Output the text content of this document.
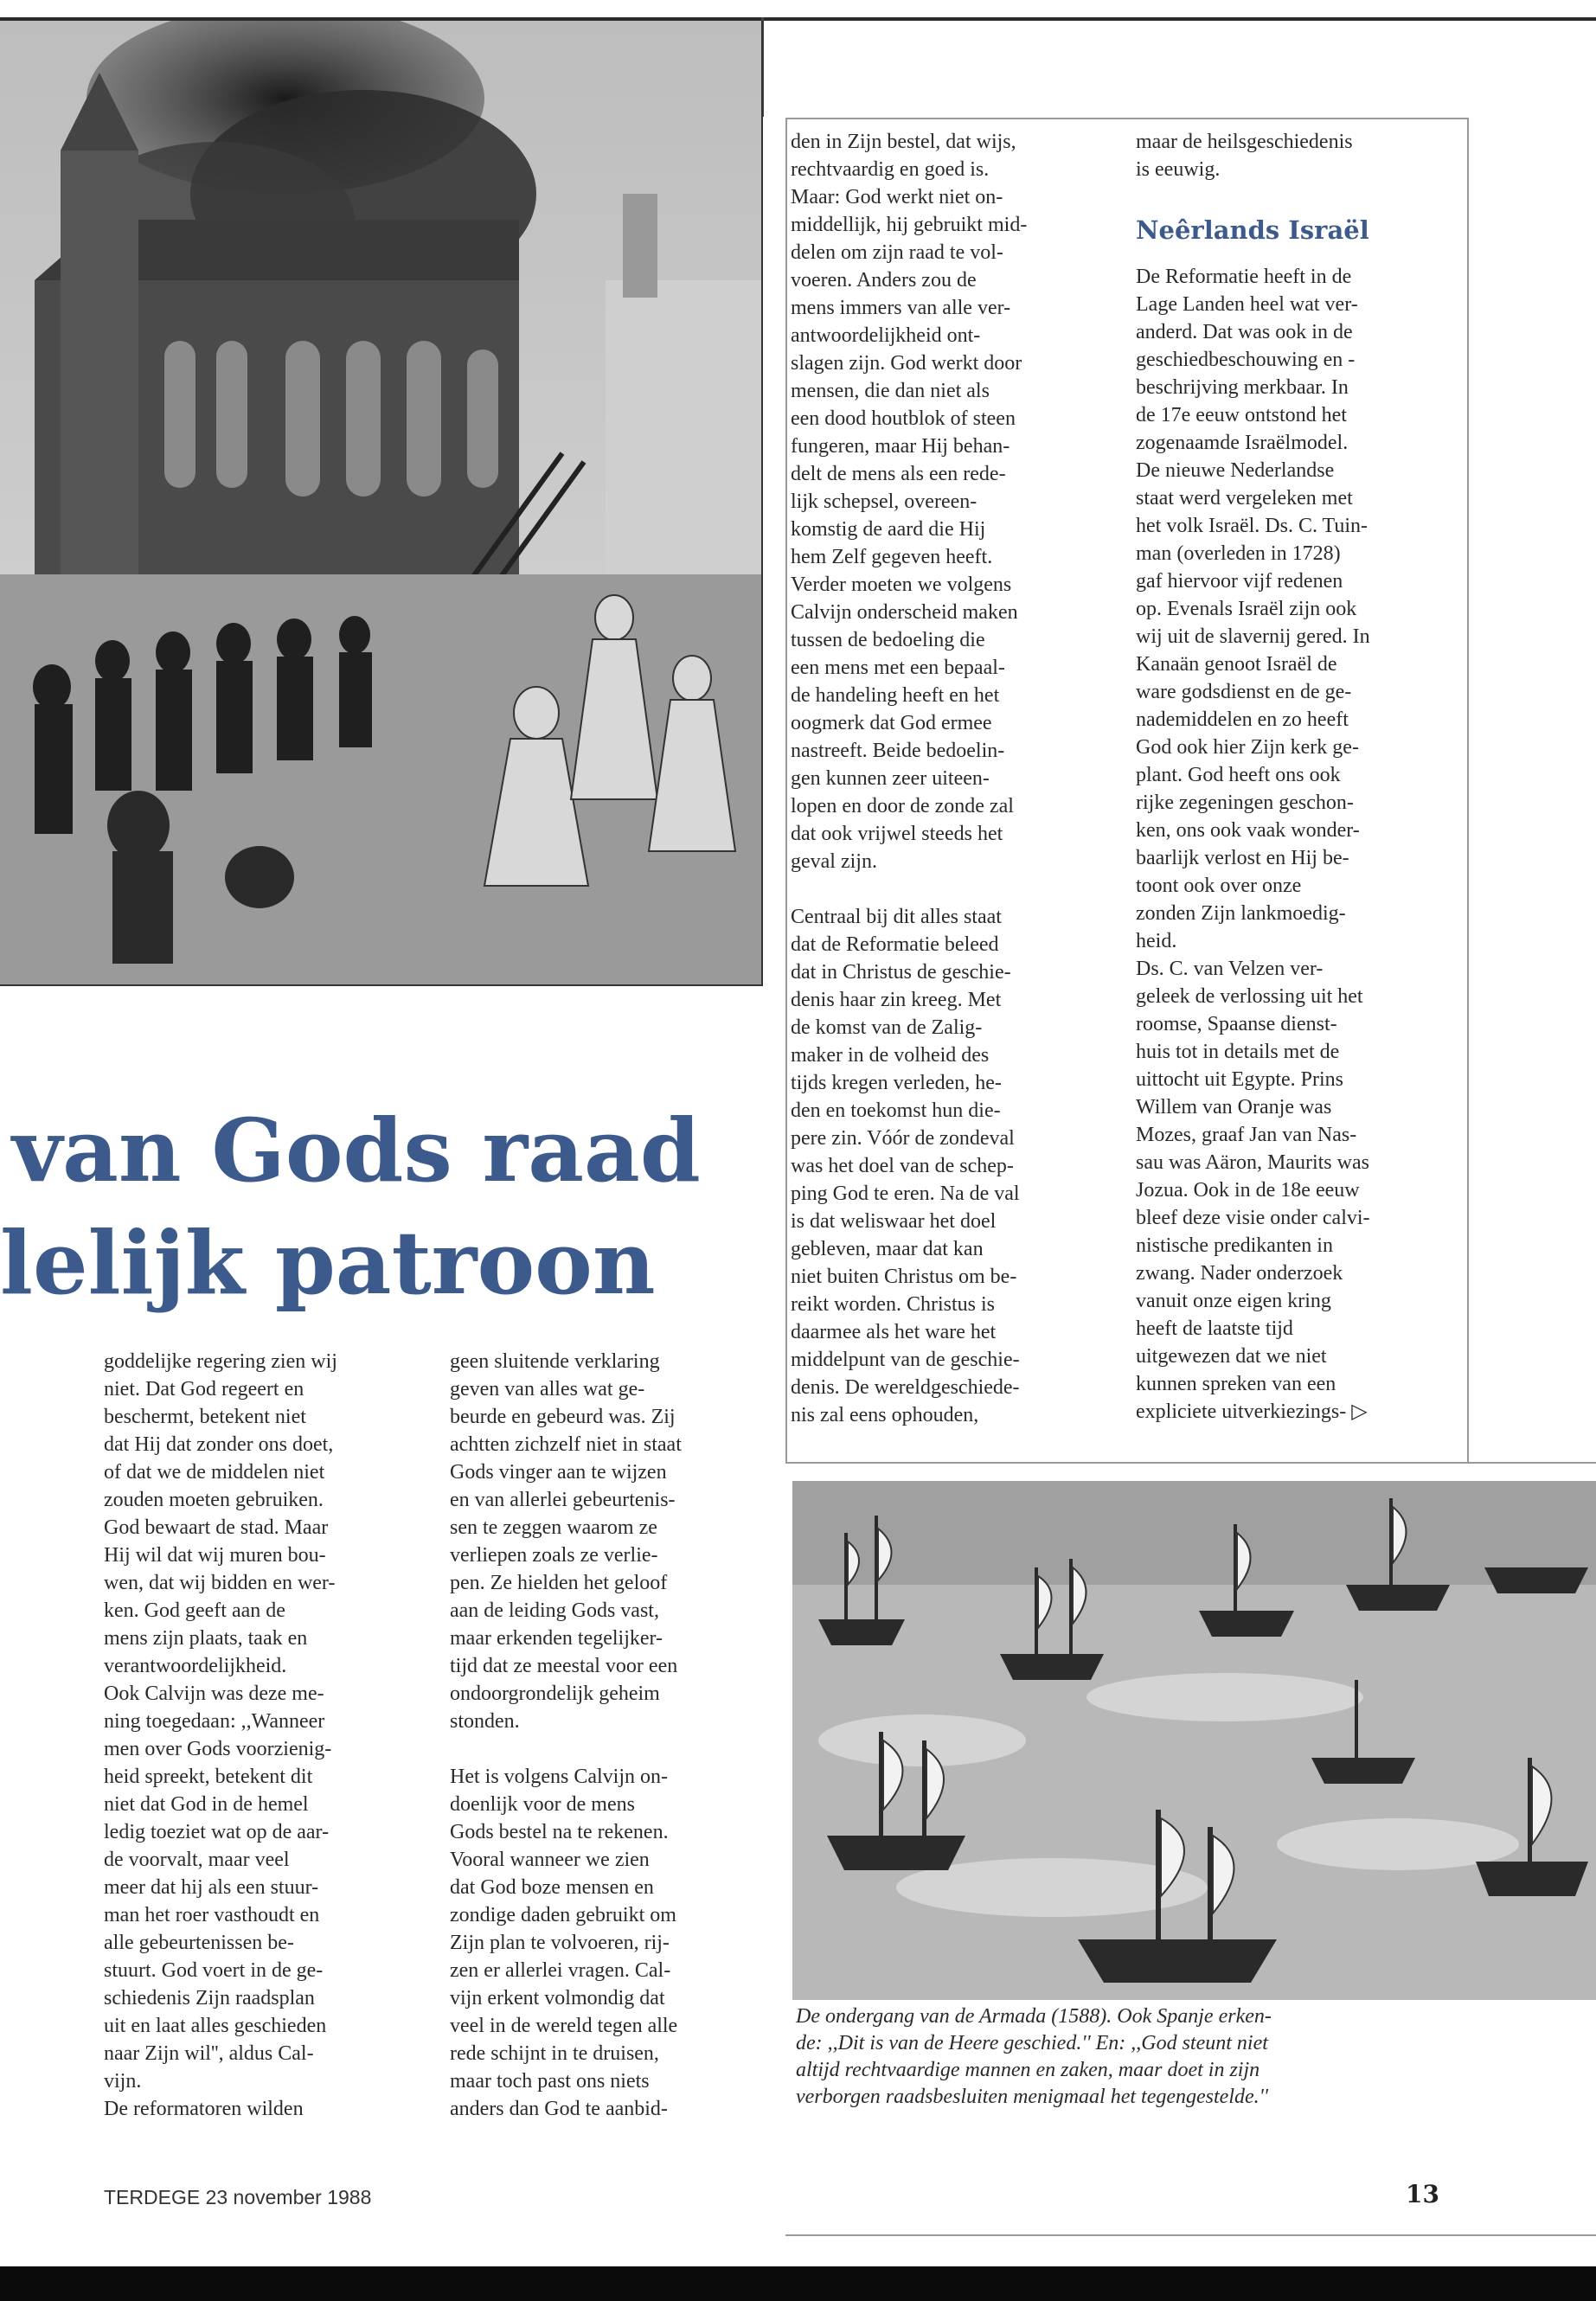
van Gods raad
lelijk patroon

goddelijke regering zien wij
niet. Dat God regeert en
beschermt, betekent niet
dat Hij dat zonder ons doet,
of dat we de middelen niet
zouden moeten gebruiken.
God bewaart de stad. Maar
Hij wil dat wij muren bou-
wen, dat wij bidden en wer-
ken. God geeft aan de
mens zijn plaats, taak en
verantwoordelijkheid.

Ook Calvijn was deze me-
ning toegedaan: ,,Wanneer
men over Gods voorzienig-
heid spreekt, betekent dit
niet dat God in de hemel
ledig toeziet wat op de aar-
de voorvalt, maar veel
meer dat hij als een stuur-
man het roer vasthoudt en
alle gebeurtenissen be-
stuurt. God voert in de ge-
schiedenis Zijn raadsplan
uit en laat alles geschieden
naar Zijn wil'', aldus Cal-
vijn.

De reformatoren wilden

geen sluitende verklaring
geven van alles wat ge-
beurde en gebeurd was. Zij
achtten zichzelf niet in staat
Gods vinger aan te wijzen
en van allerlei gebeurtenis-
sen te zeggen waarom ze
verliepen zoals ze verlie-
pen. Ze hielden het geloof
aan de leiding Gods vast,
maar erkenden tegelijker-
tijd dat ze meestal voor een
ondoorgrondelijk geheim
stonden.

Het is volgens Calvijn on-
doenlijk voor de mens
Gods bestel na te rekenen.
Vooral wanneer we zien
dat God boze mensen en
zondige daden gebruikt om
Zijn plan te volvoeren, rij-
zen er allerlei vragen. Cal-
vijn erkent volmondig dat
veel in de wereld tegen alle
rede schijnt in te druisen,
maar toch past ons niets
anders dan God te aanbid-

den in Zijn bestel, dat wijs,
rechtvaardig en goed is.
Maar: God werkt niet on-
middellijk, hij gebruikt mid-
delen om zijn raad te vol-
voeren. Anders zou de
mens immers van alle ver-
antwoordelijkheid ont-
slagen zijn. God werkt door
mensen, die dan niet als
een dood houtblok of steen
fungeren, maar Hij behan-
delt de mens als een rede-
lijk schepsel, overeen-
komstig de aard die Hij
hem Zelf gegeven heeft.
Verder moeten we volgens
Calvijn onderscheid maken
tussen de bedoeling die
een mens met een bepaal-
de handeling heeft en het
oogmerk dat God ermee
nastreeft. Beide bedoelin-
gen kunnen zeer uiteen-
lopen en door de zonde zal
dat ook vrijwel steeds het
geval zijn.

Centraal bij dit alles staat
dat de Reformatie beleed
dat in Christus de geschie-
denis haar zin kreeg. Met
de komst van de Zalig-
maker in de volheid des
tijds kregen verleden, he-
den en toekomst hun die-
pere zin. Vóór de zondeval
was het doel van de schep-
ping God te eren. Na de val
is dat weliswaar het doel
gebleven, maar dat kan
niet buiten Christus om be-
reikt worden. Christus is
daarmee als het ware het
middelpunt van de geschie-
denis. De wereldgeschiede-
nis zal eens ophouden,

maar de heilsgeschiedenis
is eeuwig.

Neêrlands Israël

De Reformatie heeft in de
Lage Landen heel wat ver-
anderd. Dat was ook in de
geschiedbeschouwing en -
beschrijving merkbaar. In
de 17e eeuw ontstond het
zogenaamde Israëlmodel.
De nieuwe Nederlandse
staat werd vergeleken met
het volk Israël. Ds. C. Tuin-
man (overleden in 1728)
gaf hiervoor vijf redenen
op. Evenals Israël zijn ook
wij uit de slavernij gered. In
Kanaän genoot Israël de
ware godsdienst en de ge-
nademiddelen en zo heeft
God ook hier Zijn kerk ge-
plant. God heeft ons ook
rijke zegeningen geschon-
ken, ons ook vaak wonder-
baarlijk verlost en Hij be-
toont ook over onze
zonden Zijn lankmoedig-
heid.

Ds. C. van Velzen ver-
geleek de verlossing uit het
roomse, Spaanse dienst-
huis tot in details met de
uittocht uit Egypte. Prins
Willem van Oranje was
Mozes, graaf Jan van Nas-
sau was Aäron, Maurits was
Jozua. Ook in de 18e eeuw
bleef deze visie onder calvi-
nistische predikanten in
zwang. Nader onderzoek
vanuit onze eigen kring
heeft de laatste tijd
uitgewezen dat we niet
kunnen spreken van een
expliciete uitverkiezings- ▷

De ondergang van de Armada (1588). Ook Spanje erken-
de: ,,Dit is van de Heere geschied.'' En: ,,God steunt niet
altijd rechtvaardige mannen en zaken, maar doet in zijn
verborgen raadsbesluiten menigmaal het tegengestelde.''
TERDEGE 23 november 1988	13
